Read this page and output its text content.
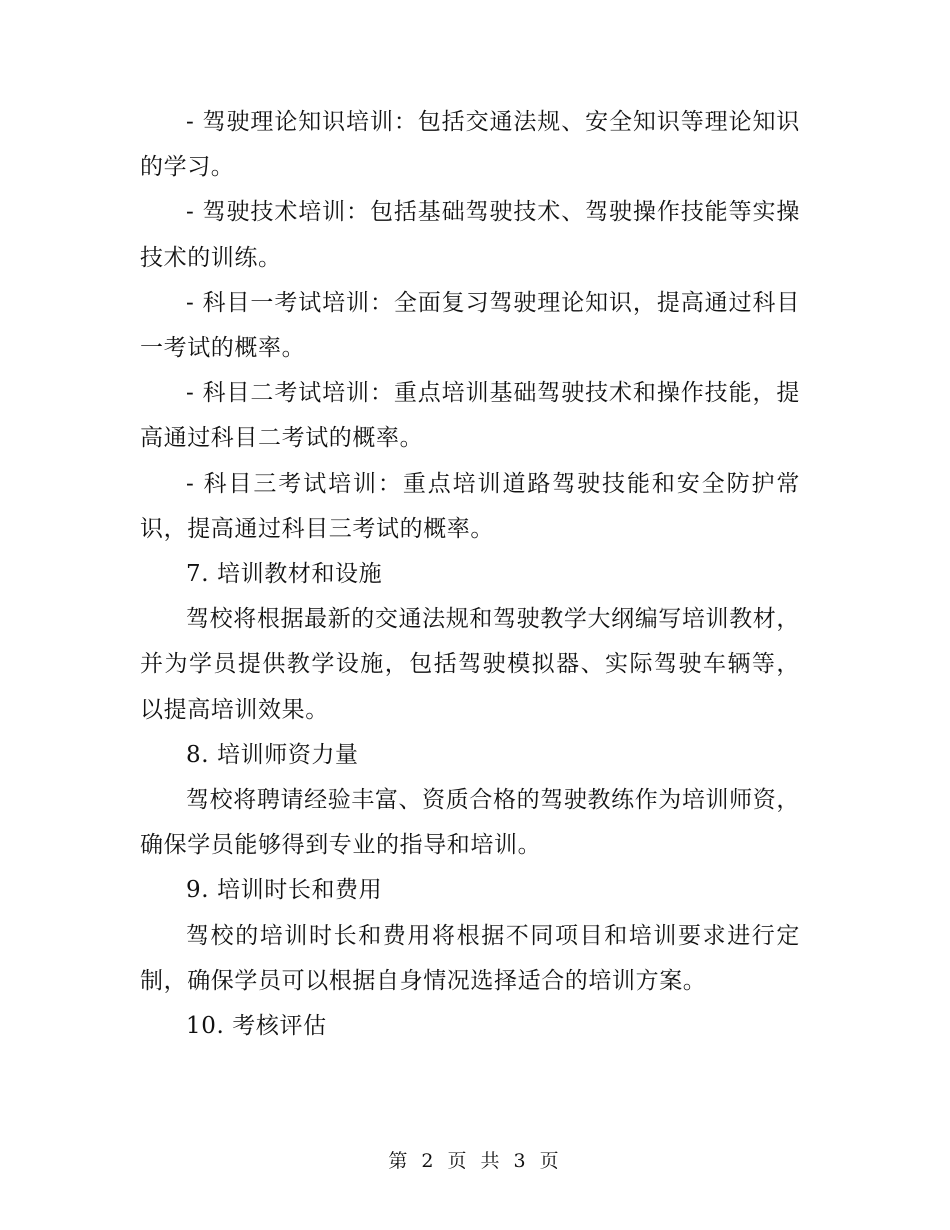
- 驾驶理论知识培训：包括交通法规、安全知识等理论知识的学习。

- 驾驶技术培训：包括基础驾驶技术、驾驶操作技能等实操技术的训练。

- 科目一考试培训：全面复习驾驶理论知识，提高通过科目一考试的概率。

- 科目二考试培训：重点培训基础驾驶技术和操作技能，提高通过科目二考试的概率。

- 科目三考试培训：重点培训道路驾驶技能和安全防护常识，提高通过科目三考试的概率。

7. 培训教材和设施

驾校将根据最新的交通法规和驾驶教学大纲编写培训教材，并为学员提供教学设施，包括驾驶模拟器、实际驾驶车辆等，以提高培训效果。

8. 培训师资力量

驾校将聘请经验丰富、资质合格的驾驶教练作为培训师资，确保学员能够得到专业的指导和培训。

9. 培训时长和费用

驾校的培训时长和费用将根据不同项目和培训要求进行定制，确保学员可以根据自身情况选择适合的培训方案。

10. 考核评估

第 2 页 共 3 页
